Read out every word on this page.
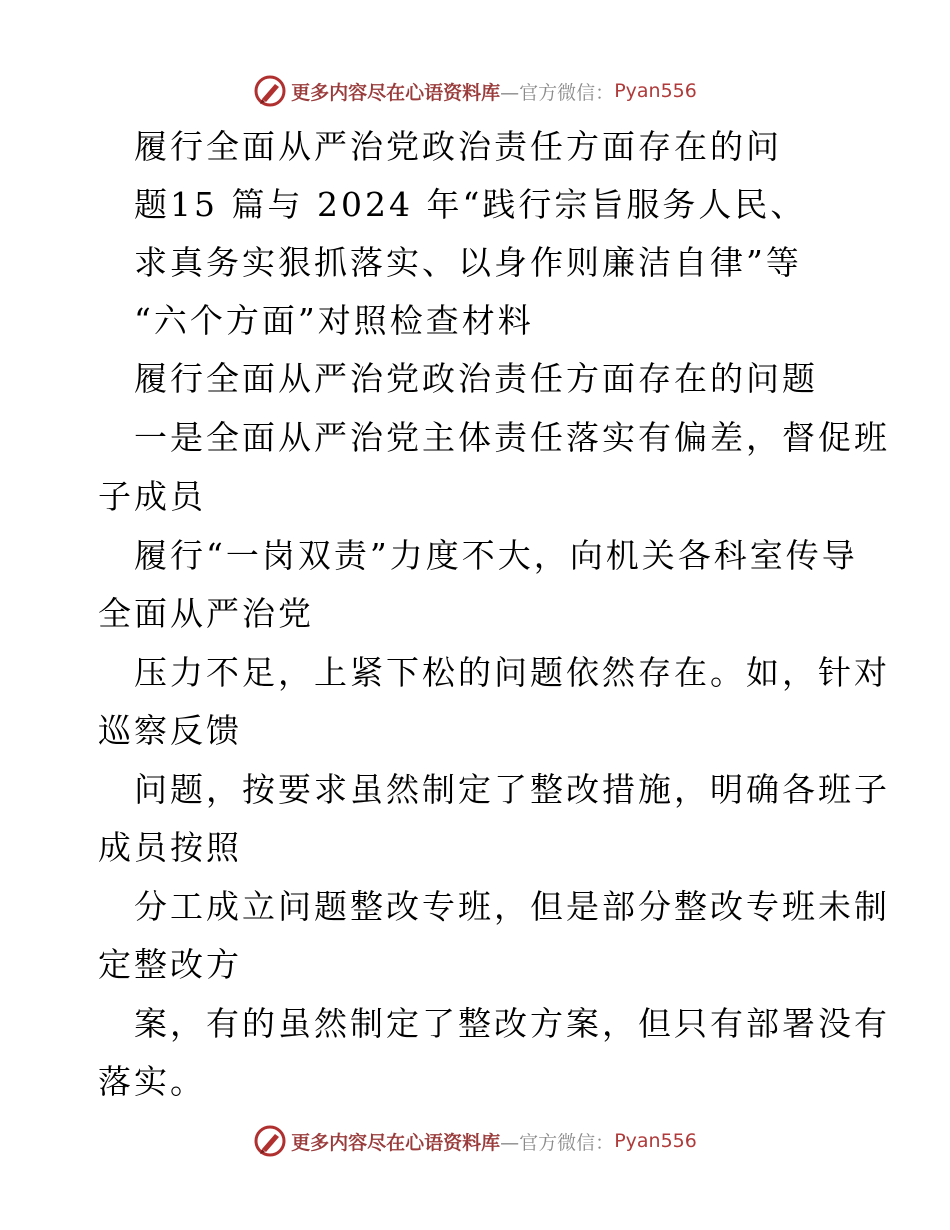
更多内容尽在心语资料库 —官方微信： Pyan556
履行全面从严治党政治责任方面存在的问
题15 篇与 2024 年“践行宗旨服务人民、
求真务实狠抓落实、以身作则廉洁自律”等
“六个方面”对照检查材料
履行全面从严治党政治责任方面存在的问题
一是全面从严治党主体责任落实有偏差，督促班
子成员
履行“一岗双责”力度不大，向机关各科室传导
全面从严治党
压力不足，上紧下松的问题依然存在。如，针对
巡察反馈
问题，按要求虽然制定了整改措施，明确各班子
成员按照
分工成立问题整改专班，但是部分整改专班未制
定整改方
案，有的虽然制定了整改方案，但只有部署没有
落实。
更多内容尽在心语资料库 —官方微信： Pyan556
